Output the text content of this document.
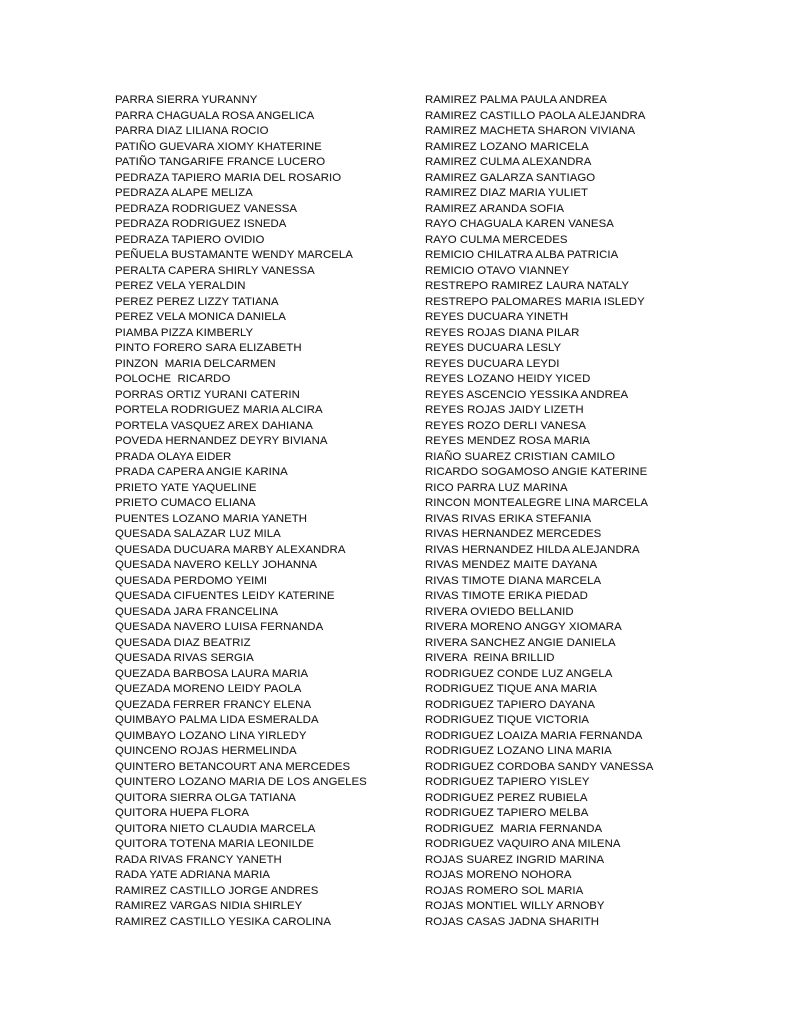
PARRA SIERRA YURANNY
PARRA CHAGUALA ROSA ANGELICA
PARRA DIAZ LILIANA ROCIO
PATIÑO GUEVARA XIOMY KHATERINE
PATIÑO TANGARIFE FRANCE LUCERO
PEDRAZA TAPIERO MARIA DEL ROSARIO
PEDRAZA ALAPE MELIZA
PEDRAZA RODRIGUEZ VANESSA
PEDRAZA RODRIGUEZ ISNEDA
PEDRAZA TAPIERO OVIDIO
PEÑUELA BUSTAMANTE WENDY MARCELA
PERALTA CAPERA SHIRLY VANESSA
PEREZ VELA YERALDIN
PEREZ PEREZ LIZZY TATIANA
PEREZ VELA MONICA DANIELA
PIAMBA PIZZA KIMBERLY
PINTO FORERO SARA ELIZABETH
PINZON  MARIA DELCARMEN
POLOCHE  RICARDO
PORRAS ORTIZ YURANI CATERIN
PORTELA RODRIGUEZ MARIA ALCIRA
PORTELA VASQUEZ AREX DAHIANA
POVEDA HERNANDEZ DEYRY BIVIANA
PRADA OLAYA EIDER
PRADA CAPERA ANGIE KARINA
PRIETO YATE YAQUELINE
PRIETO CUMACO ELIANA
PUENTES LOZANO MARIA YANETH
QUESADA SALAZAR LUZ MILA
QUESADA DUCUARA MARBY ALEXANDRA
QUESADA NAVERO KELLY JOHANNA
QUESADA PERDOMO YEIMI
QUESADA CIFUENTES LEIDY KATERINE
QUESADA JARA FRANCELINA
QUESADA NAVERO LUISA FERNANDA
QUESADA DIAZ BEATRIZ
QUESADA RIVAS SERGIA
QUEZADA BARBOSA LAURA MARIA
QUEZADA MORENO LEIDY PAOLA
QUEZADA FERRER FRANCY ELENA
QUIMBAYO PALMA LIDA ESMERALDA
QUIMBAYO LOZANO LINA YIRLEDY
QUINCENO ROJAS HERMELINDA
QUINTERO BETANCOURT ANA MERCEDES
QUINTERO LOZANO MARIA DE LOS ANGELES
QUITORA SIERRA OLGA TATIANA
QUITORA HUEPA FLORA
QUITORA NIETO CLAUDIA MARCELA
QUITORA TOTENA MARIA LEONILDE
RADA RIVAS FRANCY YANETH
RADA YATE ADRIANA MARIA
RAMIREZ CASTILLO JORGE ANDRES
RAMIREZ VARGAS NIDIA SHIRLEY
RAMIREZ CASTILLO YESIKA CAROLINA
RAMIREZ PALMA PAULA ANDREA
RAMIREZ CASTILLO PAOLA ALEJANDRA
RAMIREZ MACHETA SHARON VIVIANA
RAMIREZ LOZANO MARICELA
RAMIREZ CULMA ALEXANDRA
RAMIREZ GALARZA SANTIAGO
RAMIREZ DIAZ MARIA YULIET
RAMIREZ ARANDA SOFIA
RAYO CHAGUALA KAREN VANESA
RAYO CULMA MERCEDES
REMICIO CHILATRA ALBA PATRICIA
REMICIO OTAVO VIANNEY
RESTREPO RAMIREZ LAURA NATALY
RESTREPO PALOMARES MARIA ISLEDY
REYES DUCUARA YINETH
REYES ROJAS DIANA PILAR
REYES DUCUARA LESLY
REYES DUCUARA LEYDI
REYES LOZANO HEIDY YICED
REYES ASCENCIO YESSIKA ANDREA
REYES ROJAS JAIDY LIZETH
REYES ROZO DERLI VANESA
REYES MENDEZ ROSA MARIA
RIAÑO SUAREZ CRISTIAN CAMILO
RICARDO SOGAMOSO ANGIE KATERINE
RICO PARRA LUZ MARINA
RINCON MONTEALEGRE LINA MARCELA
RIVAS RIVAS ERIKA STEFANIA
RIVAS HERNANDEZ MERCEDES
RIVAS HERNANDEZ HILDA ALEJANDRA
RIVAS MENDEZ MAITE DAYANA
RIVAS TIMOTE DIANA MARCELA
RIVAS TIMOTE ERIKA PIEDAD
RIVERA OVIEDO BELLANID
RIVERA MORENO ANGGY XIOMARA
RIVERA SANCHEZ ANGIE DANIELA
RIVERA  REINA BRILLID
RODRIGUEZ CONDE LUZ ANGELA
RODRIGUEZ TIQUE ANA MARIA
RODRIGUEZ TAPIERO DAYANA
RODRIGUEZ TIQUE VICTORIA
RODRIGUEZ LOAIZA MARIA FERNANDA
RODRIGUEZ LOZANO LINA MARIA
RODRIGUEZ CORDOBA SANDY VANESSA
RODRIGUEZ TAPIERO YISLEY
RODRIGUEZ PEREZ RUBIELA
RODRIGUEZ TAPIERO MELBA
RODRIGUEZ  MARIA FERNANDA
RODRIGUEZ VAQUIRO ANA MILENA
ROJAS SUAREZ INGRID MARINA
ROJAS MORENO NOHORA
ROJAS ROMERO SOL MARIA
ROJAS MONTIEL WILLY ARNOBY
ROJAS CASAS JADNA SHARITH
